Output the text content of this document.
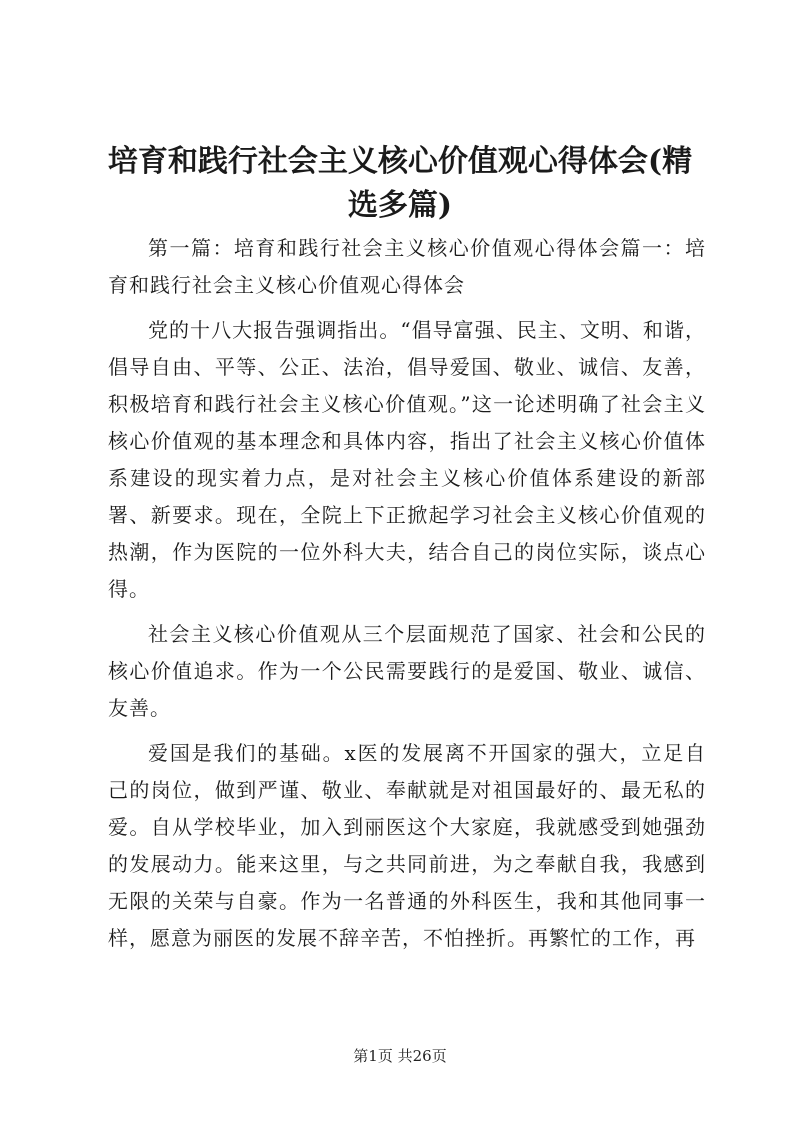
培育和践行社会主义核心价值观心得体会(精选多篇)

第一篇：培育和践行社会主义核心价值观心得体会篇一：培育和践行社会主义核心价值观心得体会

党的十八大报告强调指出。“倡导富强、民主、文明、和谐，倡导自由、平等、公正、法治，倡导爱国、敬业、诚信、友善，积极培育和践行社会主义核心价值观。”这一论述明确了社会主义核心价值观的基本理念和具体内容，指出了社会主义核心价值体系建设的现实着力点，是对社会主义核心价值体系建设的新部署、新要求。现在，全院上下正掀起学习社会主义核心价值观的热潮，作为医院的一位外科大夫，结合自己的岗位实际，谈点心得。

社会主义核心价值观从三个层面规范了国家、社会和公民的核心价值追求。作为一个公民需要践行的是爱国、敬业、诚信、友善。

爱国是我们的基础。x医的发展离不开国家的强大，立足自己的岗位，做到严谨、敬业、奉献就是对祖国最好的、最无私的爱。自从学校毕业，加入到丽医这个大家庭，我就感受到她强劲的发展动力。能来这里，与之共同前进，为之奉献自我，我感到无限的关荣与自豪。作为一名普通的外科医生，我和其他同事一样，愿意为丽医的发展不辞辛苦，不怕挫折。再繁忙的工作，再

第1页 共26页
